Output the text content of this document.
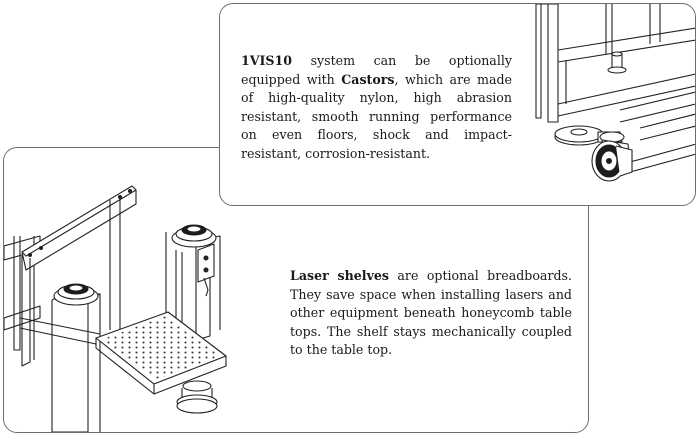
1VIS10 system can be optionally equipped with Castors, which are made of high-quality nylon, high abrasion resistant, smooth running performance on even floors, shock and impact-resistant, corrosion-resistant.

Laser shelves are optional breadboards. They save space when installing lasers and other equipment beneath honeycomb table tops. The shelf stays mechanically coupled to the table top.
